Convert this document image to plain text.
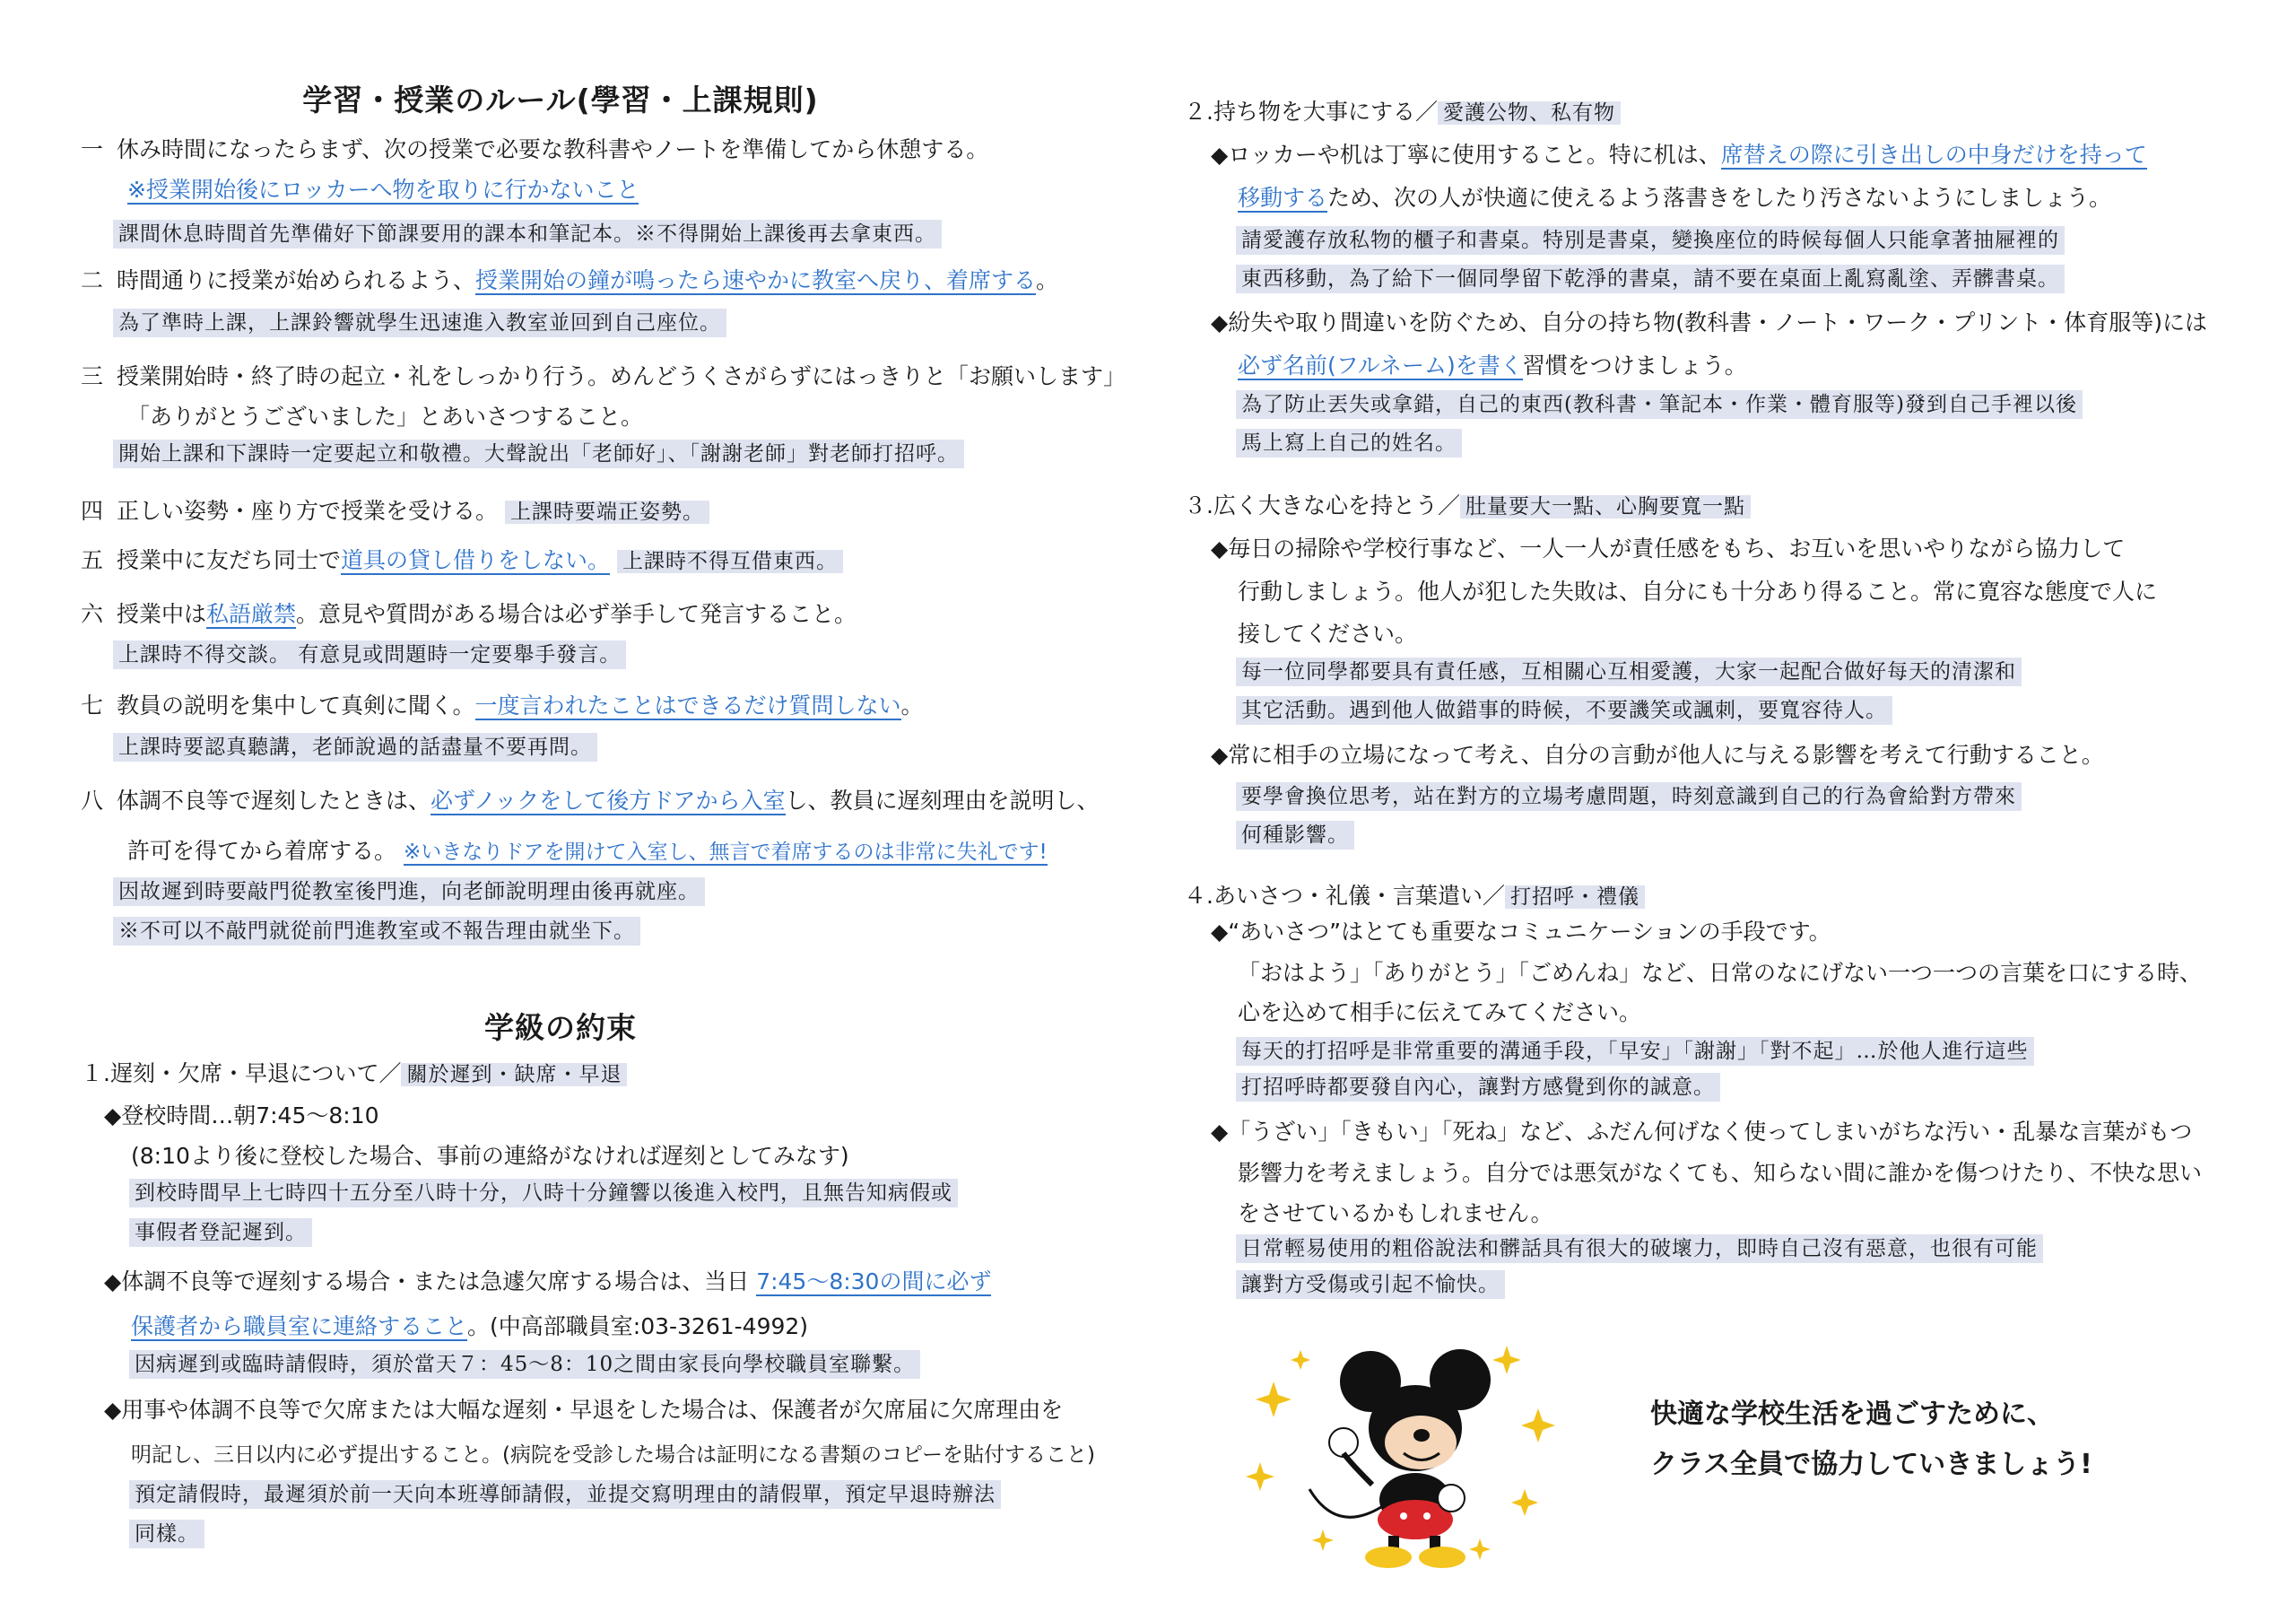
学習・授業のルール(學習・上課規則)
一 休み時間になったらまず、次の授業で必要な教科書やノートを準備してから休憩する。
※授業開始後にロッカーへ物を取りに行かないこと
課間休息時間首先準備好下節課要用的課本和筆記本。※不得開始上課後再去拿東西。
二 時間通りに授業が始められるよう、授業開始の鐘が鳴ったら速やかに教室へ戻り、着席する。
為了準時上課，上課鈴響就學生迅速進入教室並回到自己座位。
三 授業開始時・終了時の起立・礼をしっかり行う。めんどうくさがらずにはっきりと「お願いします」
「ありがとうございました」とあいさつすること。
開始上課和下課時一定要起立和敬禮。大聲說出「老師好」、「謝謝老師」對老師打招呼。
四 正しい姿勢・座り方で授業を受ける。 上課時要端正姿勢。
五 授業中に友だち同士で道具の貸し借りをしない。 上課時不得互借東西。
六 授業中は私語厳禁。意見や質問がある場合は必ず挙手して発言すること。
上課時不得交談。 有意見或問題時一定要舉手發言。
七 教員の説明を集中して真剣に聞く。一度言われたことはできるだけ質問しない。
上課時要認真聽講，老師說過的話盡量不要再問。
八 体調不良等で遅刻したときは、必ずノックをして後方ドアから入室し、教員に遅刻理由を説明し、
許可を得てから着席する。 ※いきなりドアを開けて入室し、無言で着席するのは非常に失礼です!
因故遲到時要敲門從教室後門進，向老師說明理由後再就座。
※不可以不敲門就從前門進教室或不報告理由就坐下。
学級の約束
１.遅刻・欠席・早退について／ 關於遲到・缺席・早退
◆登校時間…朝7:45～8:10
(8:10より後に登校した場合、事前の連絡がなければ遅刻としてみなす)
到校時間早上七時四十五分至八時十分，八時十分鐘響以後進入校門，且無告知病假或
事假者登記遲到。
◆体調不良等で遅刻する場合・または急遽欠席する場合は、当日 7:45～8:30の間に必ず
保護者から職員室に連絡すること。(中高部職員室:03-3261-4992)
因病遲到或臨時請假時，須於當天７：45～8：10之間由家長向學校職員室聯繫。
◆用事や体調不良等で欠席または大幅な遅刻・早退をした場合は、保護者が欠席届に欠席理由を
明記し、三日以内に必ず提出すること。(病院を受診した場合は証明になる書類のコピーを貼付すること)
預定請假時，最遲須於前一天向本班導師請假，並提交寫明理由的請假單，預定早退時辦法
同樣。
２.持ち物を大事にする／ 愛護公物、私有物
◆ロッカーや机は丁寧に使用すること。特に机は、席替えの際に引き出しの中身だけを持って
移動するため、次の人が快適に使えるよう落書きをしたり汚さないようにしましょう。
請愛護存放私物的櫃子和書桌。特別是書桌，變換座位的時候每個人只能拿著抽屜裡的
東西移動，為了給下一個同學留下乾淨的書桌，請不要在桌面上亂寫亂塗、弄髒書桌。
◆紛失や取り間違いを防ぐため、自分の持ち物(教科書・ノート・ワーク・プリント・体育服等)には
必ず名前(フルネーム)を書く習慣をつけましょう。
為了防止丟失或拿錯，自己的東西(教科書・筆記本・作業・體育服等)發到自己手裡以後
馬上寫上自己的姓名。
３.広く大きな心を持とう／ 肚量要大一點、心胸要寬一點
◆毎日の掃除や学校行事など、一人一人が責任感をもち、お互いを思いやりながら協力して
行動しましょう。他人が犯した失敗は、自分にも十分あり得ること。常に寛容な態度で人に
接してください。
每一位同學都要具有責任感，互相關心互相愛護，大家一起配合做好每天的清潔和
其它活動。遇到他人做錯事的時候，不要譏笑或諷刺，要寬容待人。
◆常に相手の立場になって考え、自分の言動が他人に与える影響を考えて行動すること。
要學會換位思考，站在對方的立場考慮問題，時刻意識到自己的行為會給對方帶來
何種影響。
４.あいさつ・礼儀・言葉遣い／ 打招呼・禮儀
◆“あいさつ”はとても重要なコミュニケーションの手段です。
「おはよう」「ありがとう」「ごめんね」など、日常のなにげない一つ一つの言葉を口にする時、
心を込めて相手に伝えてみてください。
每天的打招呼是非常重要的溝通手段，「早安」「謝謝」「對不起」…於他人進行這些
打招呼時都要發自內心，讓對方感覺到你的誠意。
◆「うざい」「きもい」「死ね」など、ふだん何げなく使ってしまいがちな汚い・乱暴な言葉がもつ
影響力を考えましょう。自分では悪気がなくても、知らない間に誰かを傷つけたり、不快な思い
をさせているかもしれません。
日常輕易使用的粗俗說法和髒話具有很大的破壞力，即時自己沒有惡意，也很有可能
讓對方受傷或引起不愉快。
快適な学校生活を過ごすために、
クラス全員で協力していきましょう!
